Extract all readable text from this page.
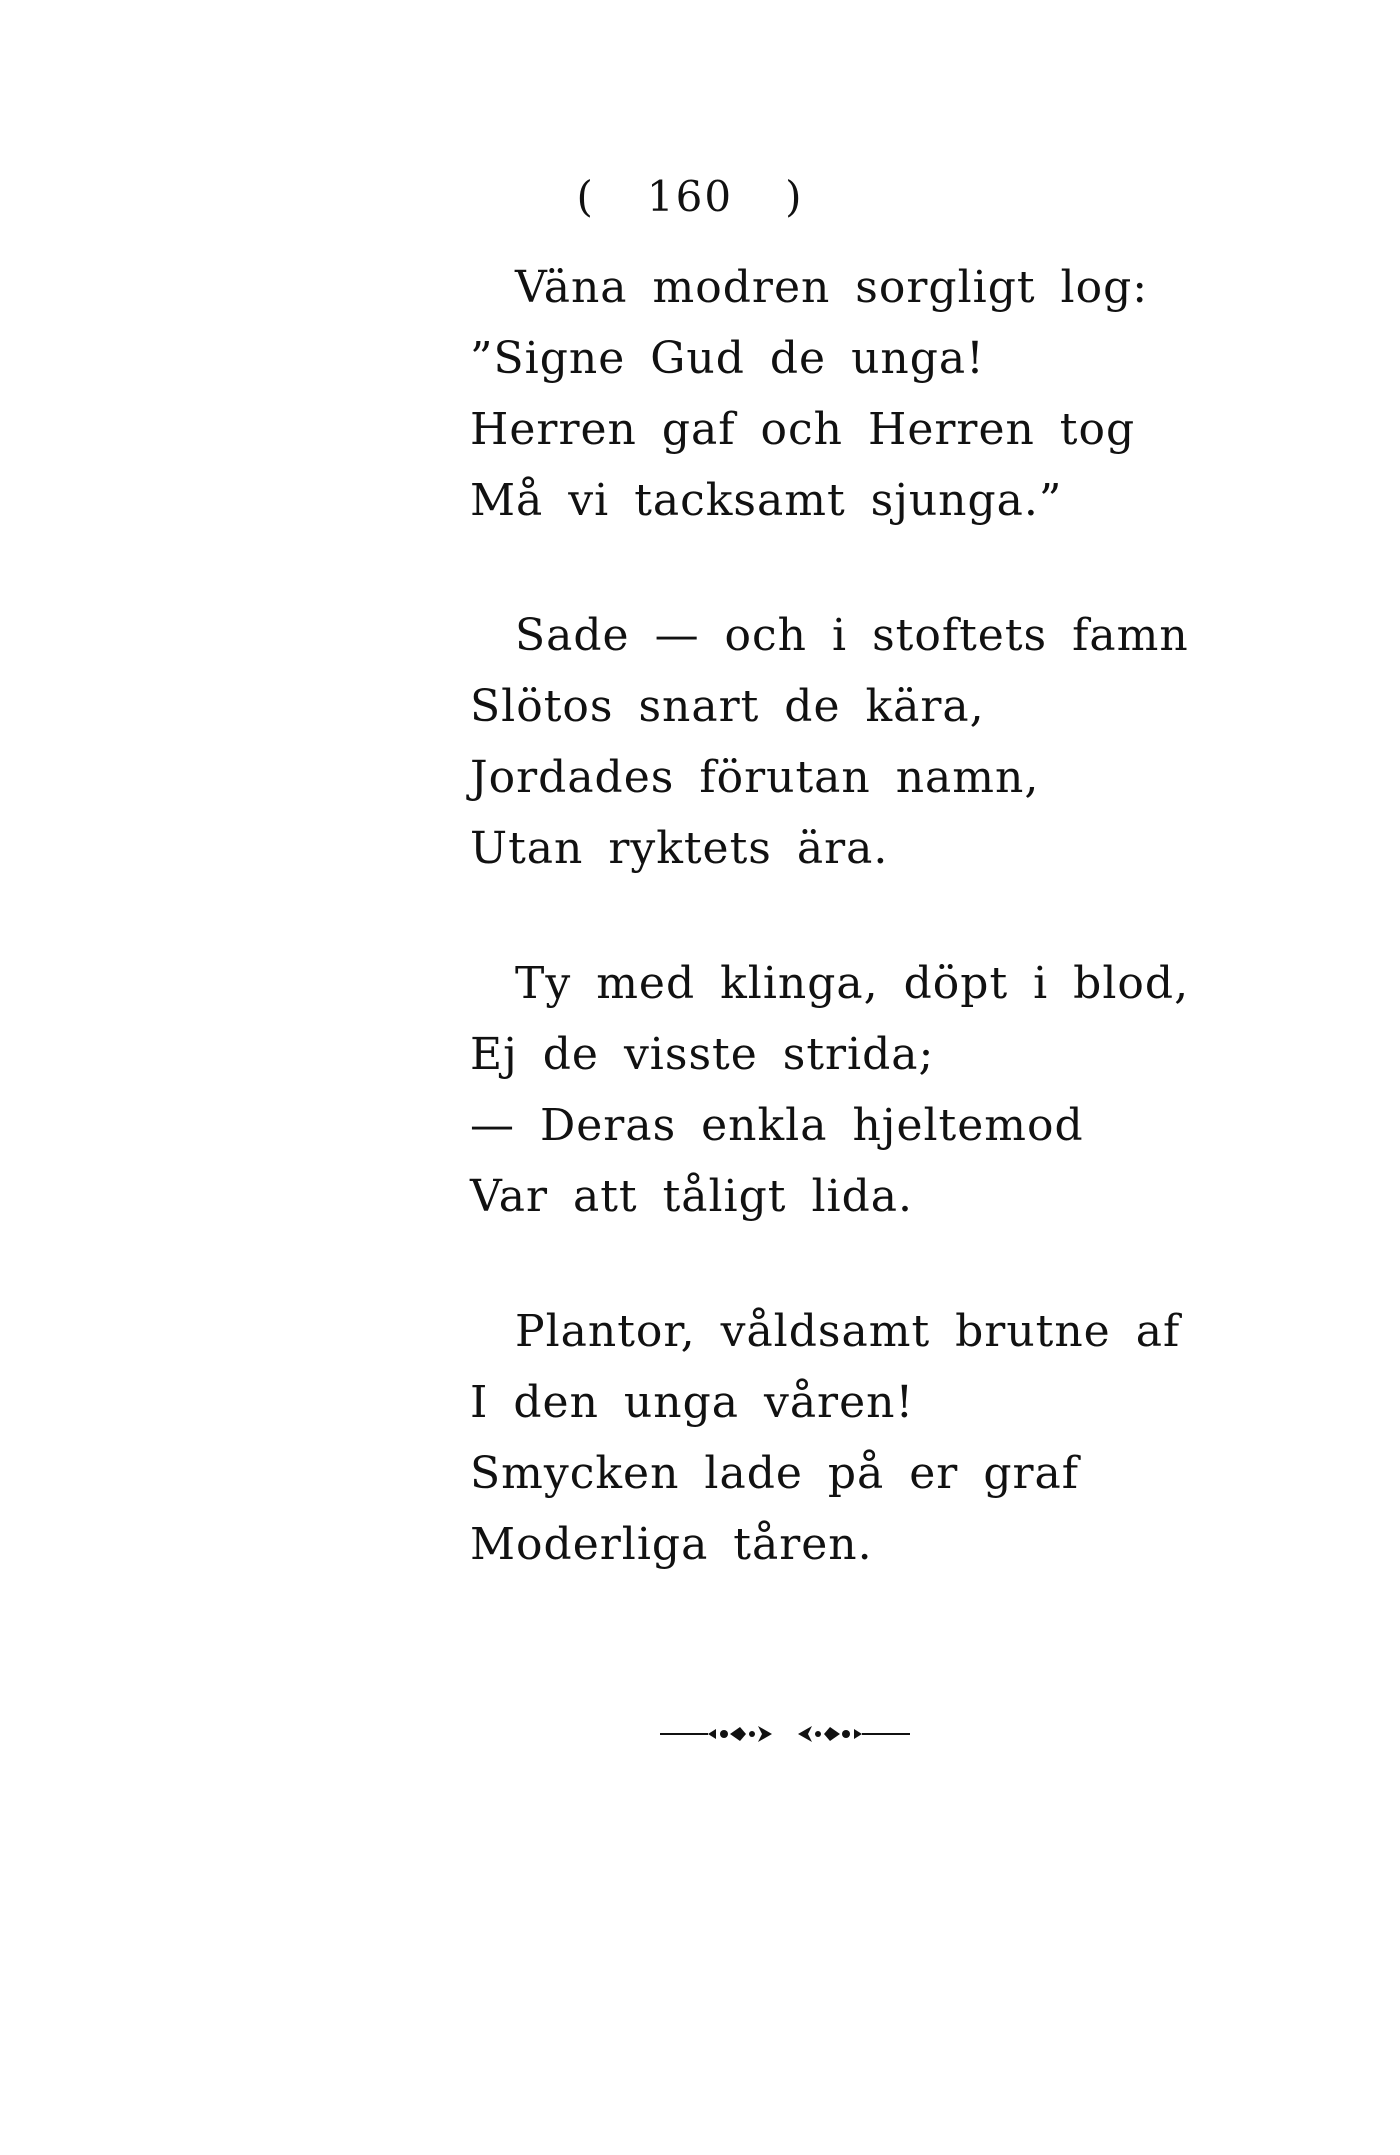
( 160 )
Väna modren sorgligt log:
”Signe Gud de unga!
Herren gaf och Herren tog
Må vi tacksamt sjunga.”
Sade — och i stoftets famn
Slötos snart de kära,
Jordades förutan namn,
Utan ryktets ära.
Ty med klinga, döpt i blod,
Ej de visste strida;
— Deras enkla hjeltemod
Var att tåligt lida.
Plantor, våldsamt brutne af
I den unga våren!
Smycken lade på er graf
Moderliga tåren.
